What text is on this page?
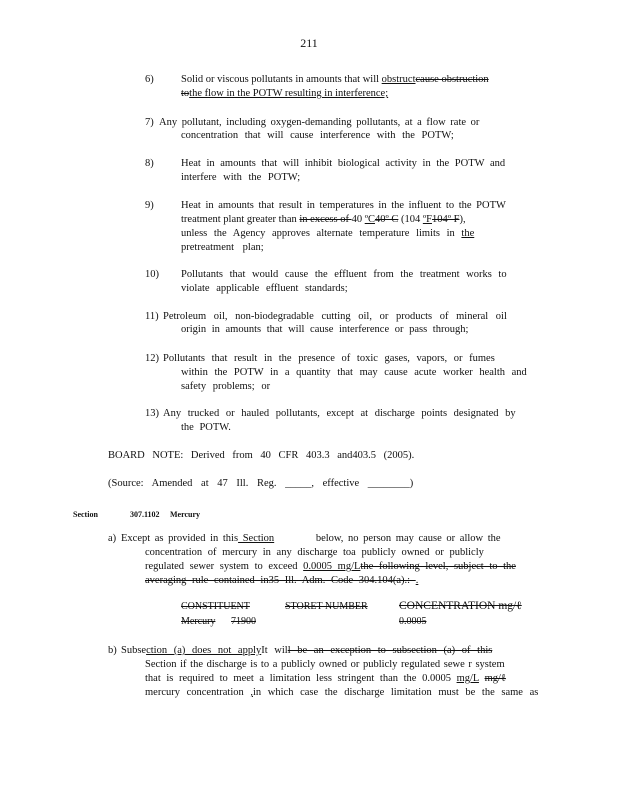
211
6)	Solid or viscous pollutants in amounts that will obstructcause obstruction
tothe flow in the POTW resulting in interference;
7) Any pollutant, including oxygen-demanding pollutants, at a flow rate or
concentration that will cause interference with the POTW;
8)	Heat in amounts that will inhibit biological activity in the POTW and
interfere with the POTW;
9)	Heat in amounts that result in temperatures in the influent to the POTW
treatment plant greater than in excess of 40 ºC40º C (104 ºF104º F),
unless the Agency approves alternate temperature limits in the
pretreatment plan;
10) Pollutants that would cause the effluent from the treatment works to
violate applicable effluent standards;
11) Petroleum oil, non-biodegradable cutting oil, or products of mineral oil
origin in amounts that will cause interference or pass through;
12) Pollutants that result in the presence of toxic gases, vapors, or fumes
within the POTW in a quantity that may cause acute worker health and
safety problems; or
13) Any trucked or hauled pollutants, except at discharge points designated by
the POTW.
BOARD NOTE: Derived from 40 CFR 403.3 and403.5 (2005).
(Source: Amended at 47 Ill. Reg. _____, effective ________)
Section	307.1102 Mercury
a) Except as provided in this Section         below, no person may cause or allow the
concentration of mercury in any discharge toa publicly owned or publicly
regulated sewer system to exceed 0.0005 mg/Lthe following level, subject to the
averaging rule contained in35 Ill. Adm. Code 304.104(a).: .
CONSTITUENT	STORET NUMBER	CONCENTRATION mg/ℓ
Mercury 71900	0.0005
b) Subsection (a) does not applyIt will be an exception to subsection (a) of this
Section if the discharge is to a publicly owned or publicly regulated sewe r system
that is required to meet a limitation less stringent than the 0.0005 mg/L mg/ℓ
mercury concentration ,in which case the discharge limitation must be the same as
